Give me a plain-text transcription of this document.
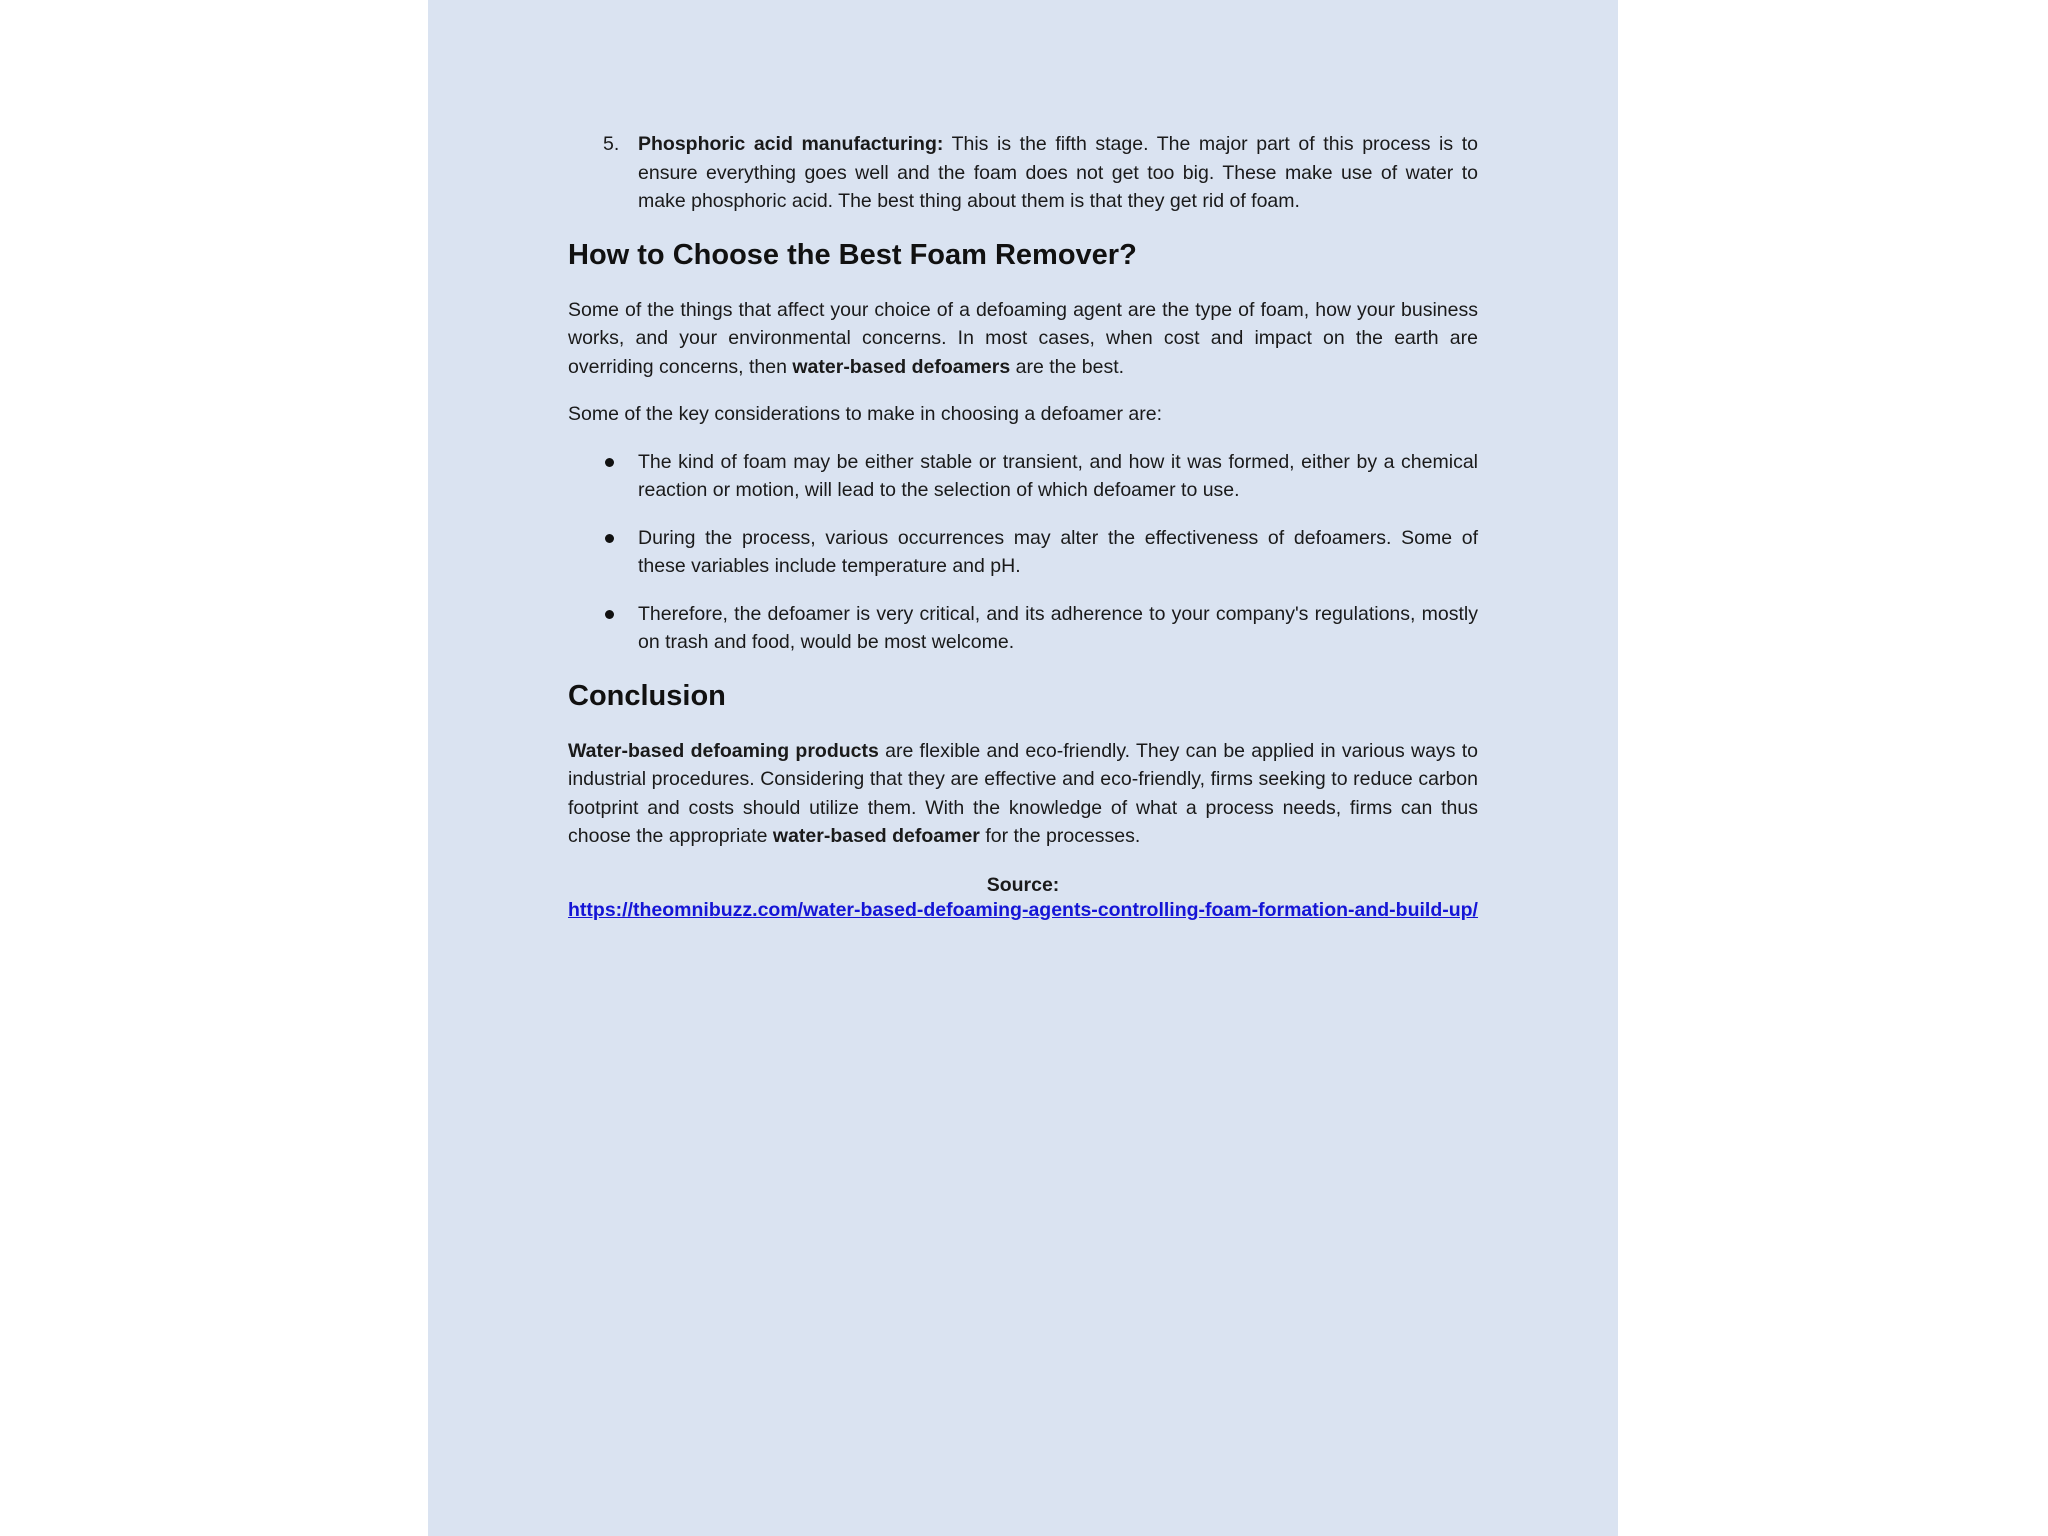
5. Phosphoric acid manufacturing: This is the fifth stage. The major part of this process is to ensure everything goes well and the foam does not get too big. These make use of water to make phosphoric acid. The best thing about them is that they get rid of foam.

How to Choose the Best Foam Remover?

Some of the things that affect your choice of a defoaming agent are the type of foam, how your business works, and your environmental concerns. In most cases, when cost and impact on the earth are overriding concerns, then water-based defoamers are the best.

Some of the key considerations to make in choosing a defoamer are:

The kind of foam may be either stable or transient, and how it was formed, either by a chemical reaction or motion, will lead to the selection of which defoamer to use.
During the process, various occurrences may alter the effectiveness of defoamers. Some of these variables include temperature and pH.
Therefore, the defoamer is very critical, and its adherence to your company's regulations, mostly on trash and food, would be most welcome.
Conclusion

Water-based defoaming products are flexible and eco-friendly. They can be applied in various ways to industrial procedures. Considering that they are effective and eco-friendly, firms seeking to reduce carbon footprint and costs should utilize them. With the knowledge of what a process needs, firms can thus choose the appropriate water-based defoamer for the processes.

Source:
https://theomnibuzz.com/water-based-defoaming-agents-controlling-foam-formation-and-build-up/
